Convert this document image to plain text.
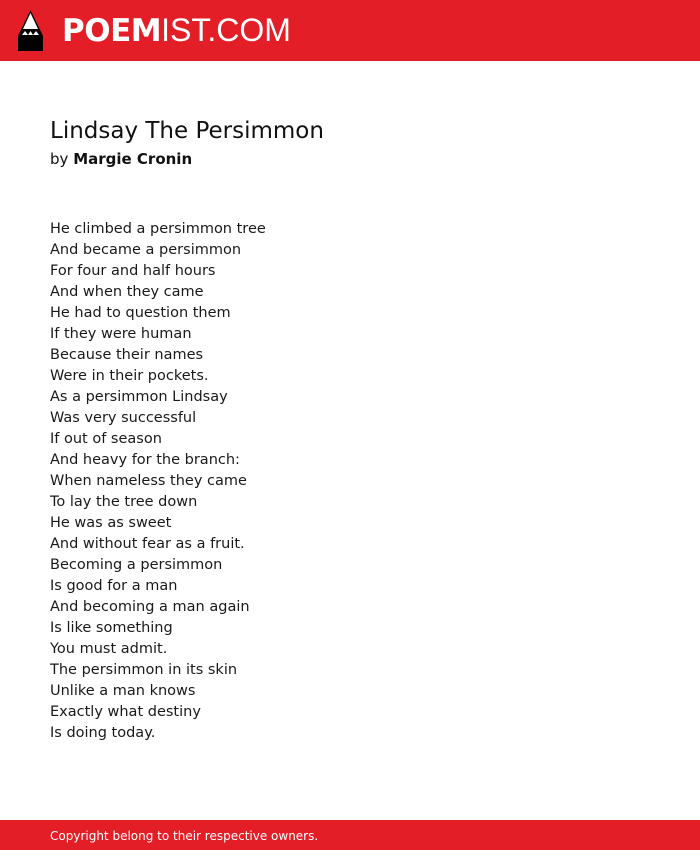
POEMIST.COM
Lindsay The Persimmon
by Margie Cronin
He climbed a persimmon tree
And became a persimmon
For four and half hours
And when they came
He had to question them
If they were human
Because their names
Were in their pockets.
As a persimmon Lindsay
Was very successful
If out of season
And heavy for the branch:
When nameless they came
To lay the tree down
He was as sweet
And without fear as a fruit.
Becoming a persimmon
Is good for a man
And becoming a man again
Is like something
You must admit.
The persimmon in its skin
Unlike a man knows
Exactly what destiny
Is doing today.
Copyright belong to their respective owners.
